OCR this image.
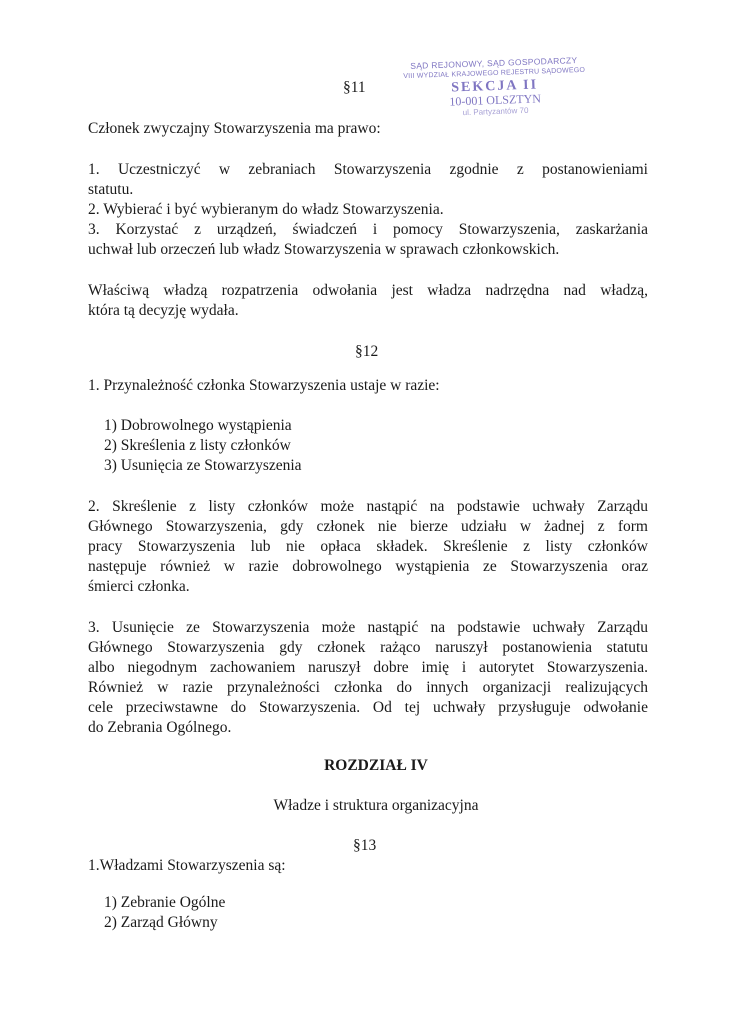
SĄD REJONOWY, SĄD GOSPODARCZY
VIII WYDZIAŁ KRAJOWEGO REJESTRU SĄDOWEGO
SEKCJA II
10-001 OLSZTYN
ul. Partyzantów 70
§11
Członek zwyczajny Stowarzyszenia ma prawo:
1. Uczestniczyć w zebraniach Stowarzyszenia zgodnie z postanowieniami
statutu.
2. Wybierać i być wybieranym do władz Stowarzyszenia.
3. Korzystać z urządzeń, świadczeń i pomocy Stowarzyszenia, zaskarżania
uchwał lub orzeczeń lub władz Stowarzyszenia w sprawach członkowskich.
Właściwą władzą rozpatrzenia odwołania jest władza nadrzędna nad władzą,
która tą decyzję wydała.
§12
1. Przynależność członka Stowarzyszenia ustaje w razie:
1) Dobrowolnego wystąpienia
2) Skreślenia z listy członków
3) Usunięcia ze Stowarzyszenia
2. Skreślenie z listy członków może nastąpić na podstawie uchwały Zarządu
Głównego Stowarzyszenia, gdy członek nie bierze udziału w żadnej z form
pracy Stowarzyszenia lub nie opłaca składek. Skreślenie z listy członków
następuje również w razie dobrowolnego wystąpienia ze Stowarzyszenia oraz
śmierci członka.
3. Usunięcie ze Stowarzyszenia może nastąpić na podstawie uchwały Zarządu
Głównego Stowarzyszenia gdy członek rażąco naruszył postanowienia statutu
albo niegodnym zachowaniem naruszył dobre imię i autorytet Stowarzyszenia.
Również w razie przynależności członka do innych organizacji realizujących
cele przeciwstawne do Stowarzyszenia. Od tej uchwały przysługuje odwołanie
do Zebrania Ogólnego.
ROZDZIAŁ IV
Władze i struktura organizacyjna
§13
1.Władzami Stowarzyszenia są:
1) Zebranie Ogólne
2) Zarząd Główny
